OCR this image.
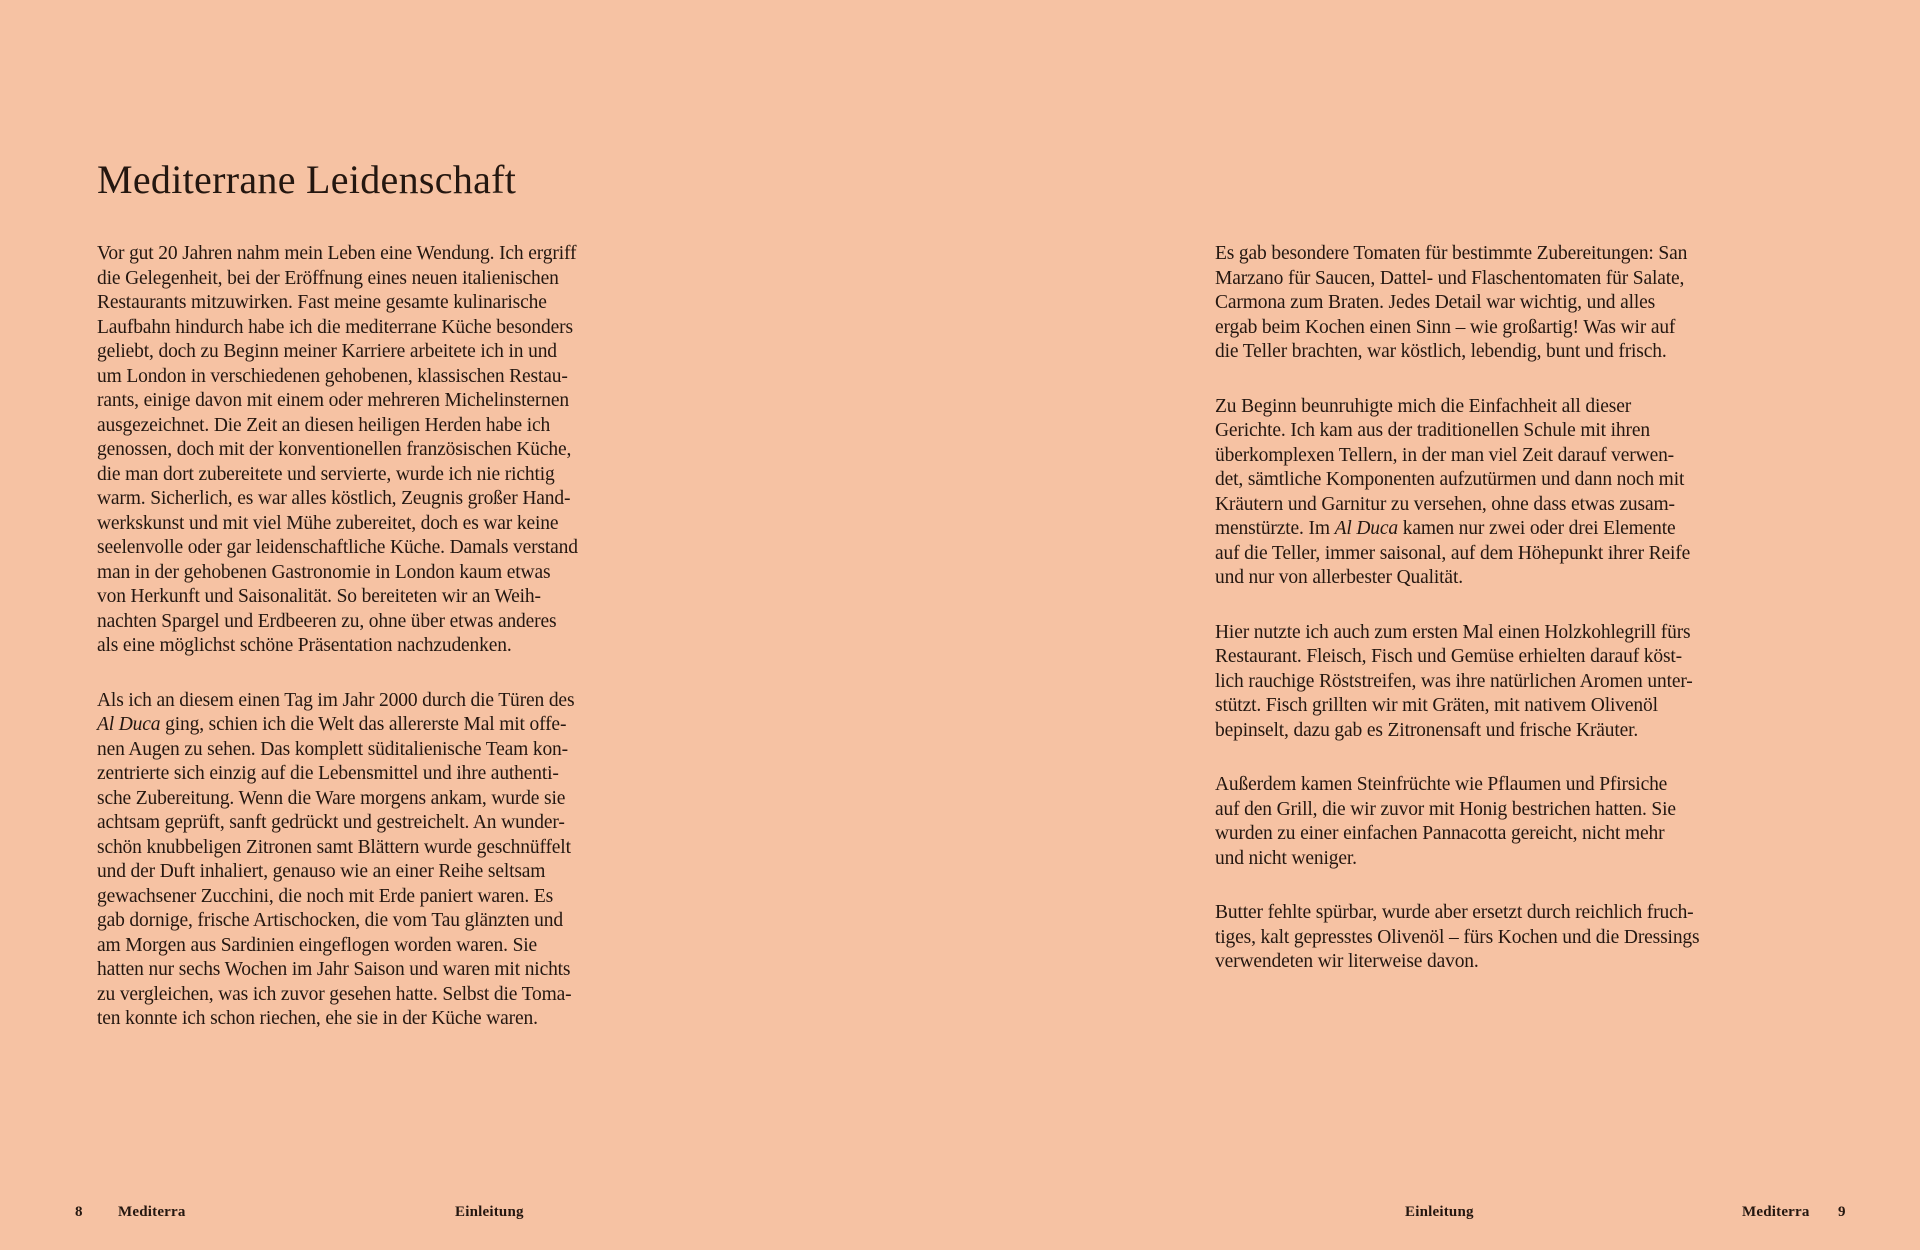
Mediterrane Leidenschaft

Vor gut 20 Jahren nahm mein Leben eine Wendung. Ich ergriff
die Gelegenheit, bei der Eröffnung eines neuen italienischen
Restaurants mitzuwirken. Fast meine gesamte kulinarische
Laufbahn hindurch habe ich die mediterrane Küche besonders
geliebt, doch zu Beginn meiner Karriere arbeitete ich in und
um London in verschiedenen gehobenen, klassischen Restau-
rants, einige davon mit einem oder mehreren Michelinsternen
ausgezeichnet. Die Zeit an diesen heiligen Herden habe ich
genossen, doch mit der konventionellen französischen Küche,
die man dort zubereitete und servierte, wurde ich nie richtig
warm. Sicherlich, es war alles köstlich, Zeugnis großer Hand-
werkskunst und mit viel Mühe zubereitet, doch es war keine
seelenvolle oder gar leidenschaftliche Küche. Damals verstand
man in der gehobenen Gastronomie in London kaum etwas
von Herkunft und Saisonalität. So bereiteten wir an Weih-
nachten Spargel und Erdbeeren zu, ohne über etwas anderes
als eine möglichst schöne Präsentation nachzudenken.

Als ich an diesem einen Tag im Jahr 2000 durch die Türen des
Al Duca ging, schien ich die Welt das allererste Mal mit offe-
nen Augen zu sehen. Das komplett süditalienische Team kon-
zentrierte sich einzig auf die Lebensmittel und ihre authenti-
sche Zubereitung. Wenn die Ware morgens ankam, wurde sie
achtsam geprüft, sanft gedrückt und gestreichelt. An wunder-
schön knubbeligen Zitronen samt Blättern wurde geschnüffelt
und der Duft inhaliert, genauso wie an einer Reihe seltsam
gewachsener Zucchini, die noch mit Erde paniert waren. Es
gab dornige, frische Artischocken, die vom Tau glänzten und
am Morgen aus Sardinien eingeflogen worden waren. Sie
hatten nur sechs Wochen im Jahr Saison und waren mit nichts
zu vergleichen, was ich zuvor gesehen hatte. Selbst die Toma-
ten konnte ich schon riechen, ehe sie in der Küche waren.

8 Mediterra	Einleitung

Es gab besondere Tomaten für bestimmte Zubereitungen: San
Marzano für Saucen, Dattel- und Flaschentomaten für Salate,
Carmona zum Braten. Jedes Detail war wichtig, und alles
ergab beim Kochen einen Sinn – wie großartig! Was wir auf
die Teller brachten, war köstlich, lebendig, bunt und frisch.

Zu Beginn beunruhigte mich die Einfachheit all dieser
Gerichte. Ich kam aus der traditionellen Schule mit ihren
überkomplexen Tellern, in der man viel Zeit darauf verwen-
det, sämtliche Komponenten aufzutürmen und dann noch mit
Kräutern und Garnitur zu versehen, ohne dass etwas zusam-
menstürzte. Im Al Duca kamen nur zwei oder drei Elemente
auf die Teller, immer saisonal, auf dem Höhepunkt ihrer Reife
und nur von allerbester Qualität.

Hier nutzte ich auch zum ersten Mal einen Holzkohlegrill fürs
Restaurant. Fleisch, Fisch und Gemüse erhielten darauf köst-
lich rauchige Röststreifen, was ihre natürlichen Aromen unter-
stützt. Fisch grillten wir mit Gräten, mit nativem Olivenöl
bepinselt, dazu gab es Zitronensaft und frische Kräuter.

Außerdem kamen Steinfrüchte wie Pflaumen und Pfirsiche
auf den Grill, die wir zuvor mit Honig bestrichen hatten. Sie
wurden zu einer einfachen Pannacotta gereicht, nicht mehr
und nicht weniger.

Butter fehlte spürbar, wurde aber ersetzt durch reichlich fruch-
tiges, kalt gepresstes Olivenöl – fürs Kochen und die Dressings
verwendeten wir literweise davon.

Einleitung	Mediterra 9
